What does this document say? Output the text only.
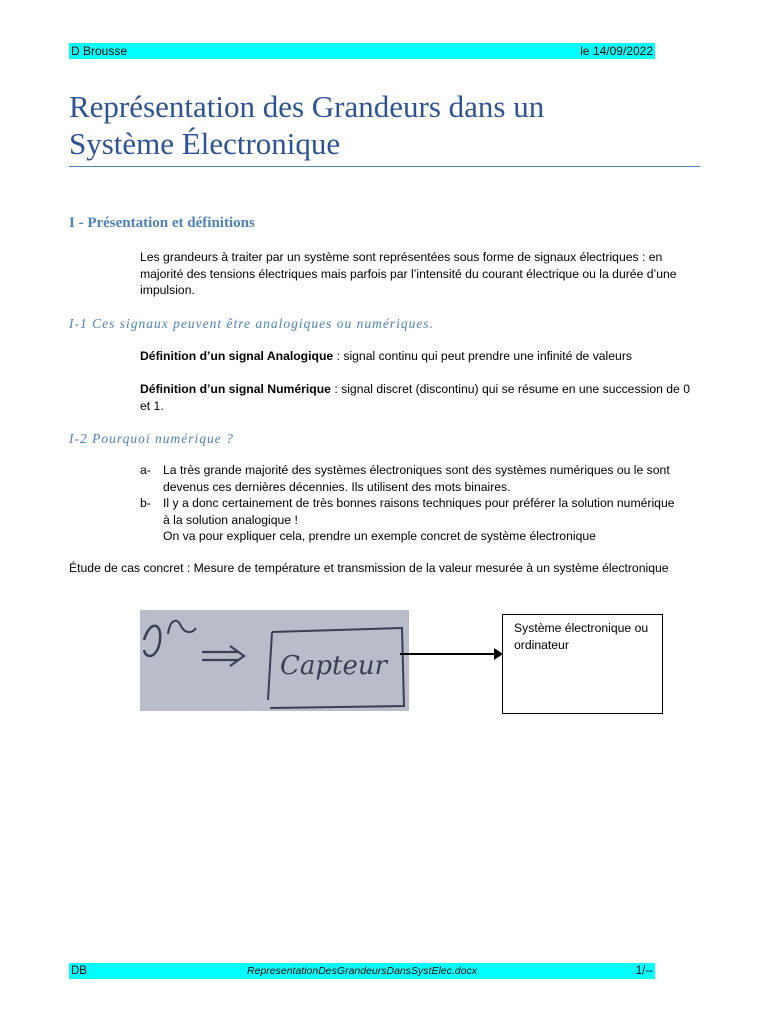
D Brousse	le 14/09/2022
Représentation des Grandeurs dans un
Système Électronique
I - Présentation et définitions
Les grandeurs à traiter par un système sont représentées sous forme de signaux électriques : en majorité des tensions électriques mais parfois par l’intensité du courant électrique ou la durée d’une impulsion.
I-1 Ces signaux peuvent être analogiques ou numériques.
Définition d’un signal Analogique : signal continu qui peut prendre une infinité de valeurs
Définition d’un signal Numérique : signal discret (discontinu) qui se résume en une succession de 0 et 1.
I-2 Pourquoi numérique ?
a- La très grande majorité des systèmes électroniques sont des systèmes numériques ou le sont devenus ces dernières décennies. Ils utilisent des mots binaires.
b- Il y a donc certainement de très bonnes raisons techniques pour préférer la solution numérique à la solution analogique !
On va pour expliquer cela, prendre un exemple concret de système électronique
Étude de cas concret : Mesure de température et transmission de la valeur mesurée à un système électronique
Capteur
Système électronique ou ordinateur
DB	RepresentationDesGrandeursDansSystElec.docx	1/--
